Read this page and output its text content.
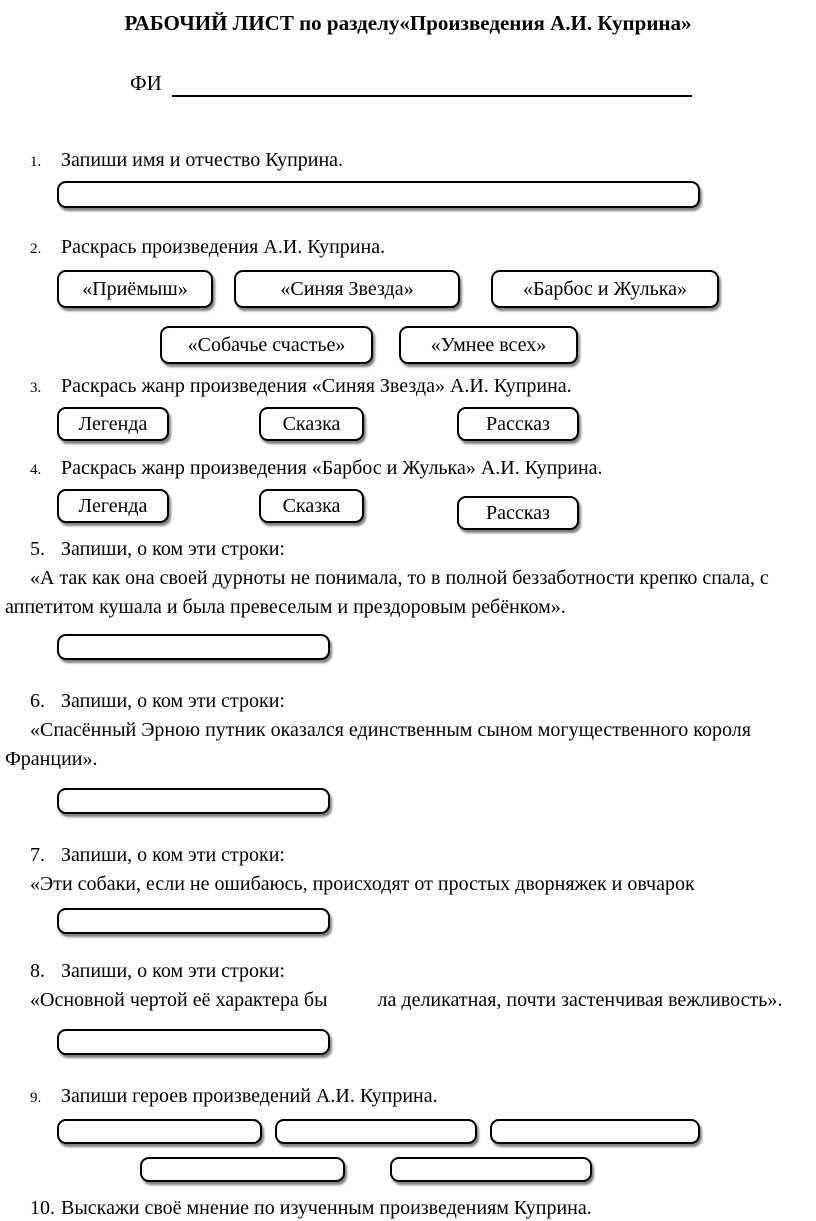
РАБОЧИЙ ЛИСТ по разделу«Произведения А.И. Куприна»
ФИ
1. Запиши имя и отчество Куприна.
2. Раскрась произведения А.И. Куприна.
«Приёмыш»	«Синяя Звезда»	«Барбос и Жулька»
«Собачье счастье»	«Умнее всех»
3. Раскрась жанр произведения «Синяя Звезда» А.И. Куприна.
Легенда	Сказка	Рассказ
4. Раскрась жанр произведения «Барбос и Жулька» А.И. Куприна.
Легенда	Сказка	Рассказ
5. Запиши, о ком эти строки:
«А так как она своей дурноты не понимала, то в полной беззаботности крепко спала, с аппетитом кушала и была превеселым и прездоровым ребёнком».
6. Запиши, о ком эти строки:
«Спасённый Эрною путник оказался единственным сыном могущественного короля Франции».
7. Запиши, о ком эти строки:
«Эти собаки, если не ошибаюсь, происходят от простых дворняжек и овчарок
8. Запиши, о ком эти строки:
«Основной чертой её характера бы          ла деликатная, почти застенчивая вежливость».
9. Запиши героев произведений А.И. Куприна.
10. Выскажи своё мнение по изученным произведениям Куприна.
